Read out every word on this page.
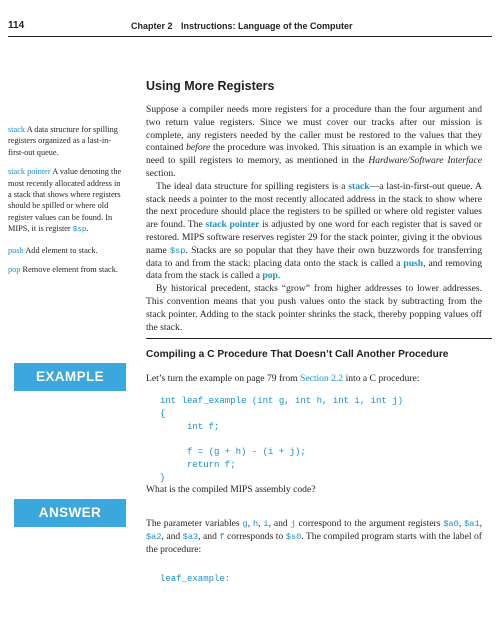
114	Chapter 2 Instructions: Language of the Computer
Using More Registers

Suppose a compiler needs more registers for a procedure than the four argument and two return value registers. Since we must cover our tracks after our mission is complete, any registers needed by the caller must be restored to the values that they contained before the procedure was invoked. This situation is an example in which we need to spill registers to memory, as mentioned in the Hardware/Software Interface section.

The ideal data structure for spilling registers is a stack—a last-in-first-out queue. A stack needs a pointer to the most recently allocated address in the stack to show where the next procedure should place the registers to be spilled or where old register values are found. The stack pointer is adjusted by one word for each register that is saved or restored. MIPS software reserves register 29 for the stack pointer, giving it the obvious name $sp. Stacks are so popular that they have their own buzzwords for transferring data to and from the stack: placing data onto the stack is called a push, and removing data from the stack is called a pop.

By historical precedent, stacks “grow” from higher addresses to lower addresses. This convention means that you push values onto the stack by subtracting from the stack pointer. Adding to the stack pointer shrinks the stack, thereby popping values off the stack.

stack A data structure for spilling registers organized as a last-in-first-out queue.

stack pointer A value denoting the most recently allocated address in a stack that shows where registers should be spilled or where old register values can be found. In MIPS, it is register $sp.

push Add element to stack.

pop Remove element from stack.

Compiling a C Procedure That Doesn’t Call Another Procedure
EXAMPLE	Let’s turn the example on page 79 from Section 2.2 into a C procedure:

int leaf_example (int g, int h, int i, int j)
{
int f;

f = (g + h) - (i + j);
return f;
}

What is the compiled MIPS assembly code?

ANSWER

The parameter variables g, h, i, and j correspond to the argument registers $a0, $a1, $a2, and $a3, and f corresponds to $s0. The compiled program starts with the label of the procedure:

leaf_example:
